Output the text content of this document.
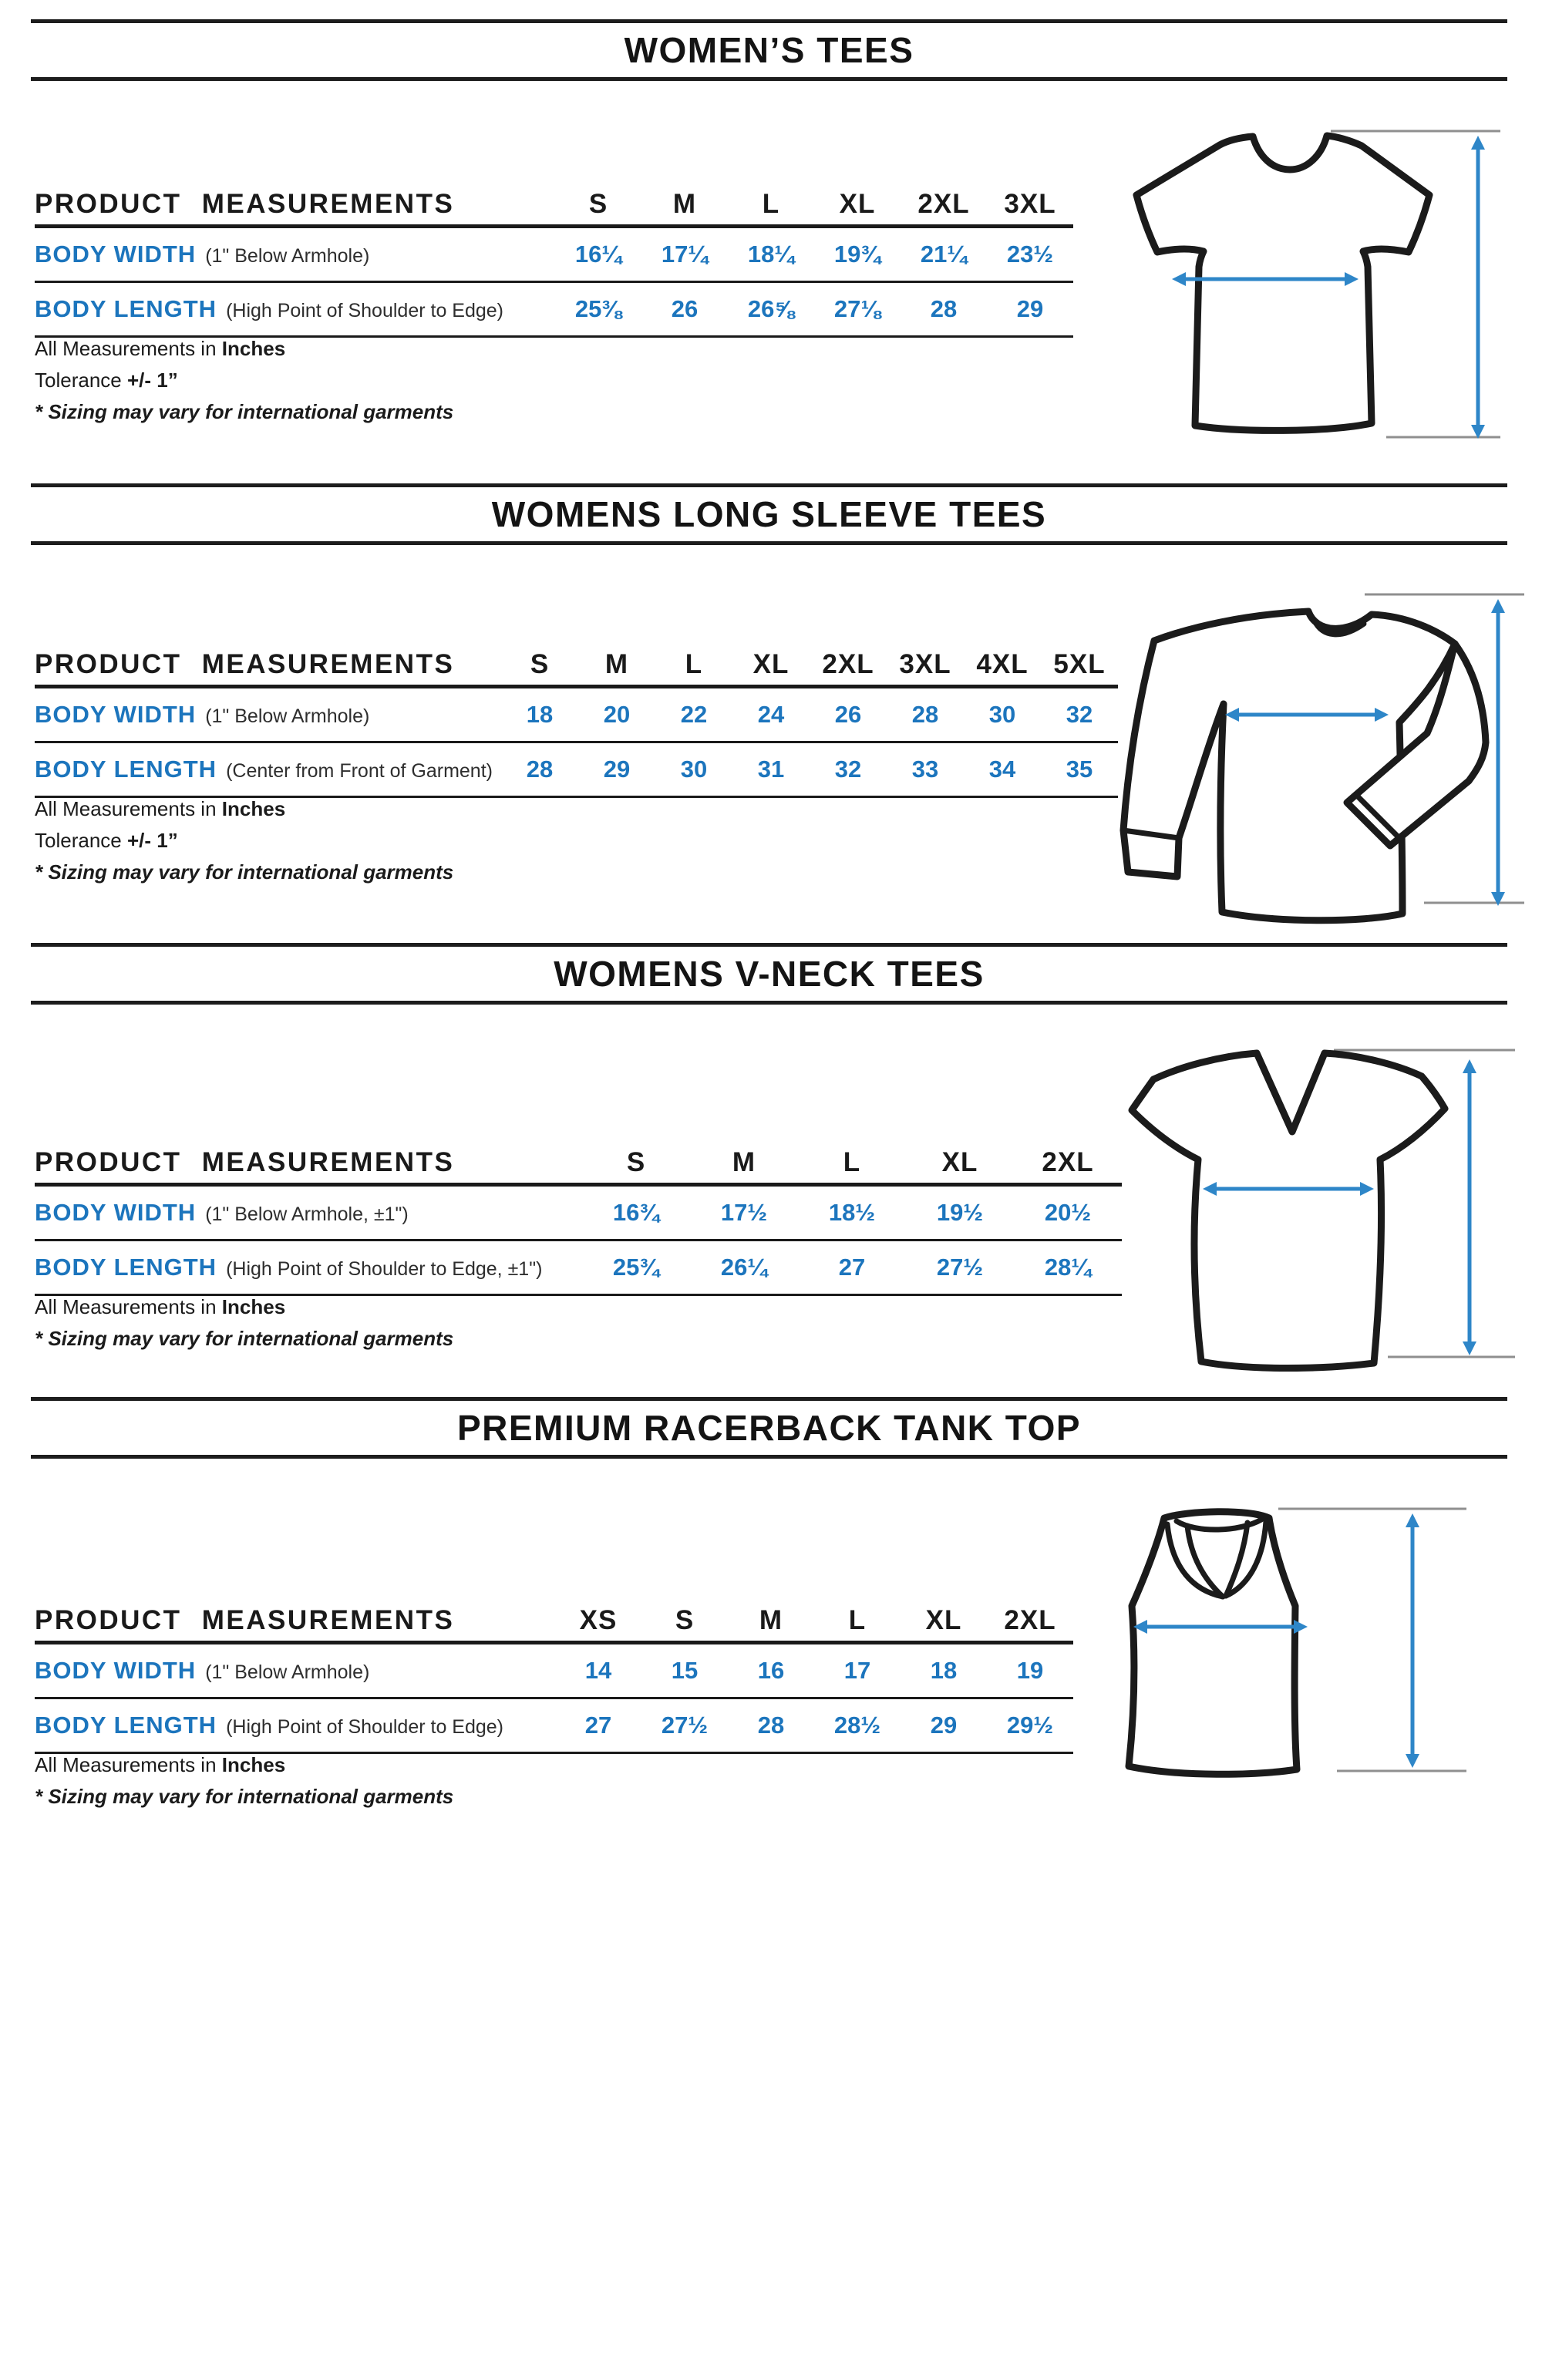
WOMEN’S TEES
PRODUCT MEASUREMENTS	S	M	L	XL	2XL	3XL
BODY WIDTH (1" Below Armhole)	16¼	17¼	18¼	19¾	21¼	23½
BODY LENGTH (High Point of Shoulder to Edge)	25⅜	26	26⅝	27⅛	28	29

All Measurements in Inches

Tolerance +/- 1”

* Sizing may vary for international garments

WOMENS LONG SLEEVE TEES
PRODUCT MEASUREMENTS	S	M	L	XL	2XL 3XL 4XL 5XL
BODY WIDTH (1" Below Armhole)	18	20	22	24	26	28	30	32
BODY LENGTH (Center from Front of Garment)	28	29	30	31	32	33	34	35

All Measurements in Inches

Tolerance +/- 1”

* Sizing may vary for international garments

WOMENS V-NECK TEES
PRODUCT MEASUREMENTS	S	M	L	XL	2XL
BODY WIDTH (1" Below Armhole, ±1")	16¾	17½	18½	19½	20½
BODY LENGTH (High Point of Shoulder to Edge, ±1")	25¾	26¼	27	27½	28¼

All Measurements in Inches

* Sizing may vary for international garments

PREMIUM RACERBACK TANK TOP
PRODUCT MEASUREMENTS	XS	S	M	L	XL	2XL
BODY WIDTH (1" Below Armhole)	14	15	16	17	18	19
BODY LENGTH (High Point of Shoulder to Edge)	27	27½	28	28½	29	29½

All Measurements in Inches

* Sizing may vary for international garments
